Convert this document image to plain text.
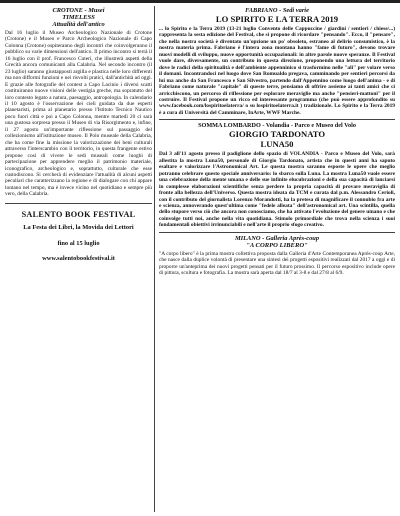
CROTONE - Musei
TIMELESS
Attualità dell'antico

Dal 16 luglio il Museo Archeologico Nazionale di Crotone (Crotone) e il Museo e Parco Archeologico Nazionale di Capo Colonna (Crotone) ospiteranno degli incontri che coinvolgeranno il pubblico su varie dimensioni dell'antico. Il primo incontro si terrà il 16 luglio con il prof. Francesco Cuteri, che illustrerà aspetti della Grecità ancora comunicanti alla Calabria. Nel secondo incontro (il 23 luglio) saranno giustapposti argilla e plastica nelle loro differenti ma non difformi funzioni e nei risvolti pratici, dall'antichità ad oggi. E grazie alle fotografie del contest a Capo Lacinio i diversi scatti costituiranno nuove visioni delle vestigia greche, ma sopratutto del loro contesto legato a natura, paesaggio, antropologia. In calendario il 10 agosto è l'osservazione dei cieli guidata da due esperti planetaristi, prima al planetario presso l'Istituto Tecnico Nautico poco fuori città e poi a Capo Colonna, mentre martedì 20 ci sarà una gustosa sorpresa presso il Museo di via Risorgimento e, infine, il 27 agosto un'importante riflessione sul passaggio del collezionismo all'istituzione museo. Il Polo museale della Calabria, che ha come fine la missione la valorizzazione dei beni culturali attraverso l'interscambio con il territorio, in questa frangente estivo propone così di vivere le sedi museali come luoghi di partecipazione per apprendere meglio il patrimonio materiale, iconografico, archeologico e, soprattutto, culturale che esse custodiscono. Si cercherà di evidenziare l'attualità di alcuni aspetti peculiari che caratterizzano la regione e di dialogare con chi appare lontano nel tempo, ma è invece vicino nel quotidiano e sempre più vero, della Calabria.

SALENTO BOOK FESTIVAL
La Festa dei Libri, la Movida dei Lettori
fino al 15 luglio
www.salentobookfestival.it
FABRIANO - Sedi varie
LO SPIRITO E LA TERRA 2019

... lo Spirito e la Terra 2019 (13-21 luglio Convento delle Cappuccine / giardini / sentieri / chiese/...) rappresenta la sesta edizione del Festival, che si propone di ricordare "pensando". Ecco, il "pensare", che nella nostra società è diventato un'opzione un po' obsoleto, estraneo al delirio consumistico, è la nostra materia prima. Fabriano è l'intera zona montana hanno "fame di futuro", devono trovare nuovi modelli di sviluppo, nuove opportunità occupazionali: in altre parole nuove speranze. Il Festival vuole dare, diversamente, un contributo in questa direzione, proponendo una lettura del territorio dove le radici della spiritualità e dell'ambiente appenninico si trasformino nelle "ali" per volare verso il domani. Incontrandoci nel luogo dove San Romualdo pregava, camminando per sentieri percorsi da lui ma anche da San Francesco e San Silvestro, partendo dall'Appennino come luogo dell'anima - e di Fabriano come naturale "capitale" di queste terre, pensiamo di offrire assieme ai tanti amici che ci arricchiscono, un percorso di riflessione per esplorare meraviglie ma anche "pensieri-mattoni" per il costruire. Il Festival propone un ricco ed interessante programma (che può essere approfondito su www.facebook.com/lospiritoelaterra/ o su lospiritoelaterra.it ) tradizionale. Lo Spirito e la Terra 2019 è a cura di Università del Camminare, InArte, WWF Marche.

SOMMA LOMBARDO - Volandia - Parco e Museo del Volo
GIORGIO TARDONATO
LUNA50

Dal 3 all'11 agosto presso il padiglione dello spazio di VOLANDIA - Parco e Museo del Volo, sarà allestita la mostra Luna50, personale di Giorgio Tardonato, artista che in questi anni ha saputo esaltare e valorizzare l'Astronomical Art. Le questa mostra saranno esposte le opere che meglio potranno celebrare questo speciale anniversario: lo sbarco sulla Luna. La mostra Luna50 vuole essere una celebrazione della mente umana e delle sue infinite elucubrazioni e della sua capacità di lanciarsi in complesse elaborazioni scientifiche senza perdere la propria capacità di provare meraviglia di fronte alla bellezza dell'Universo. Questa mostra ideata da TCM e curata dal p.m. Alessandro Cerioli, con il contributo del giornalista Lorenzo Morandotti, ha la pretesa di magnificare il connubio fra arte e scienza, annoverando quest'ultima come "fedele alleata" dell'astronomical art. Una scintilla, quella dello stupore verso ciò che ancora non conosciamo, che ha attivato l'evoluzione del genere umano e che coinvolge tutti noi, anche nella vita quotidiana. Stimolo primordiale che trova nella scienza i suoi fondamentali obiettivi irrinunciabili e nell'arte il proprio sfogo creativo.

MILANO - Galleria Après-coup
"A CORPO LIBERO"

"A corpo libero" è la prima mostra collettiva proposta dalla Galleria d'Arte Contemporanea Après-coup Arte, che nasce dalla duplice volontà di presentare una sintesi dei progetti espositivi realizzati dal 2017 a oggi e di proporre un'anteprima dei nuovi progetti pensati per il futuro prossimo. Il percorso espositivo include opere di pittura, scultura e fotografia. La mostra sarà aperta dal 18/7 al 3-8 e dal 27/8 al 6/9.
